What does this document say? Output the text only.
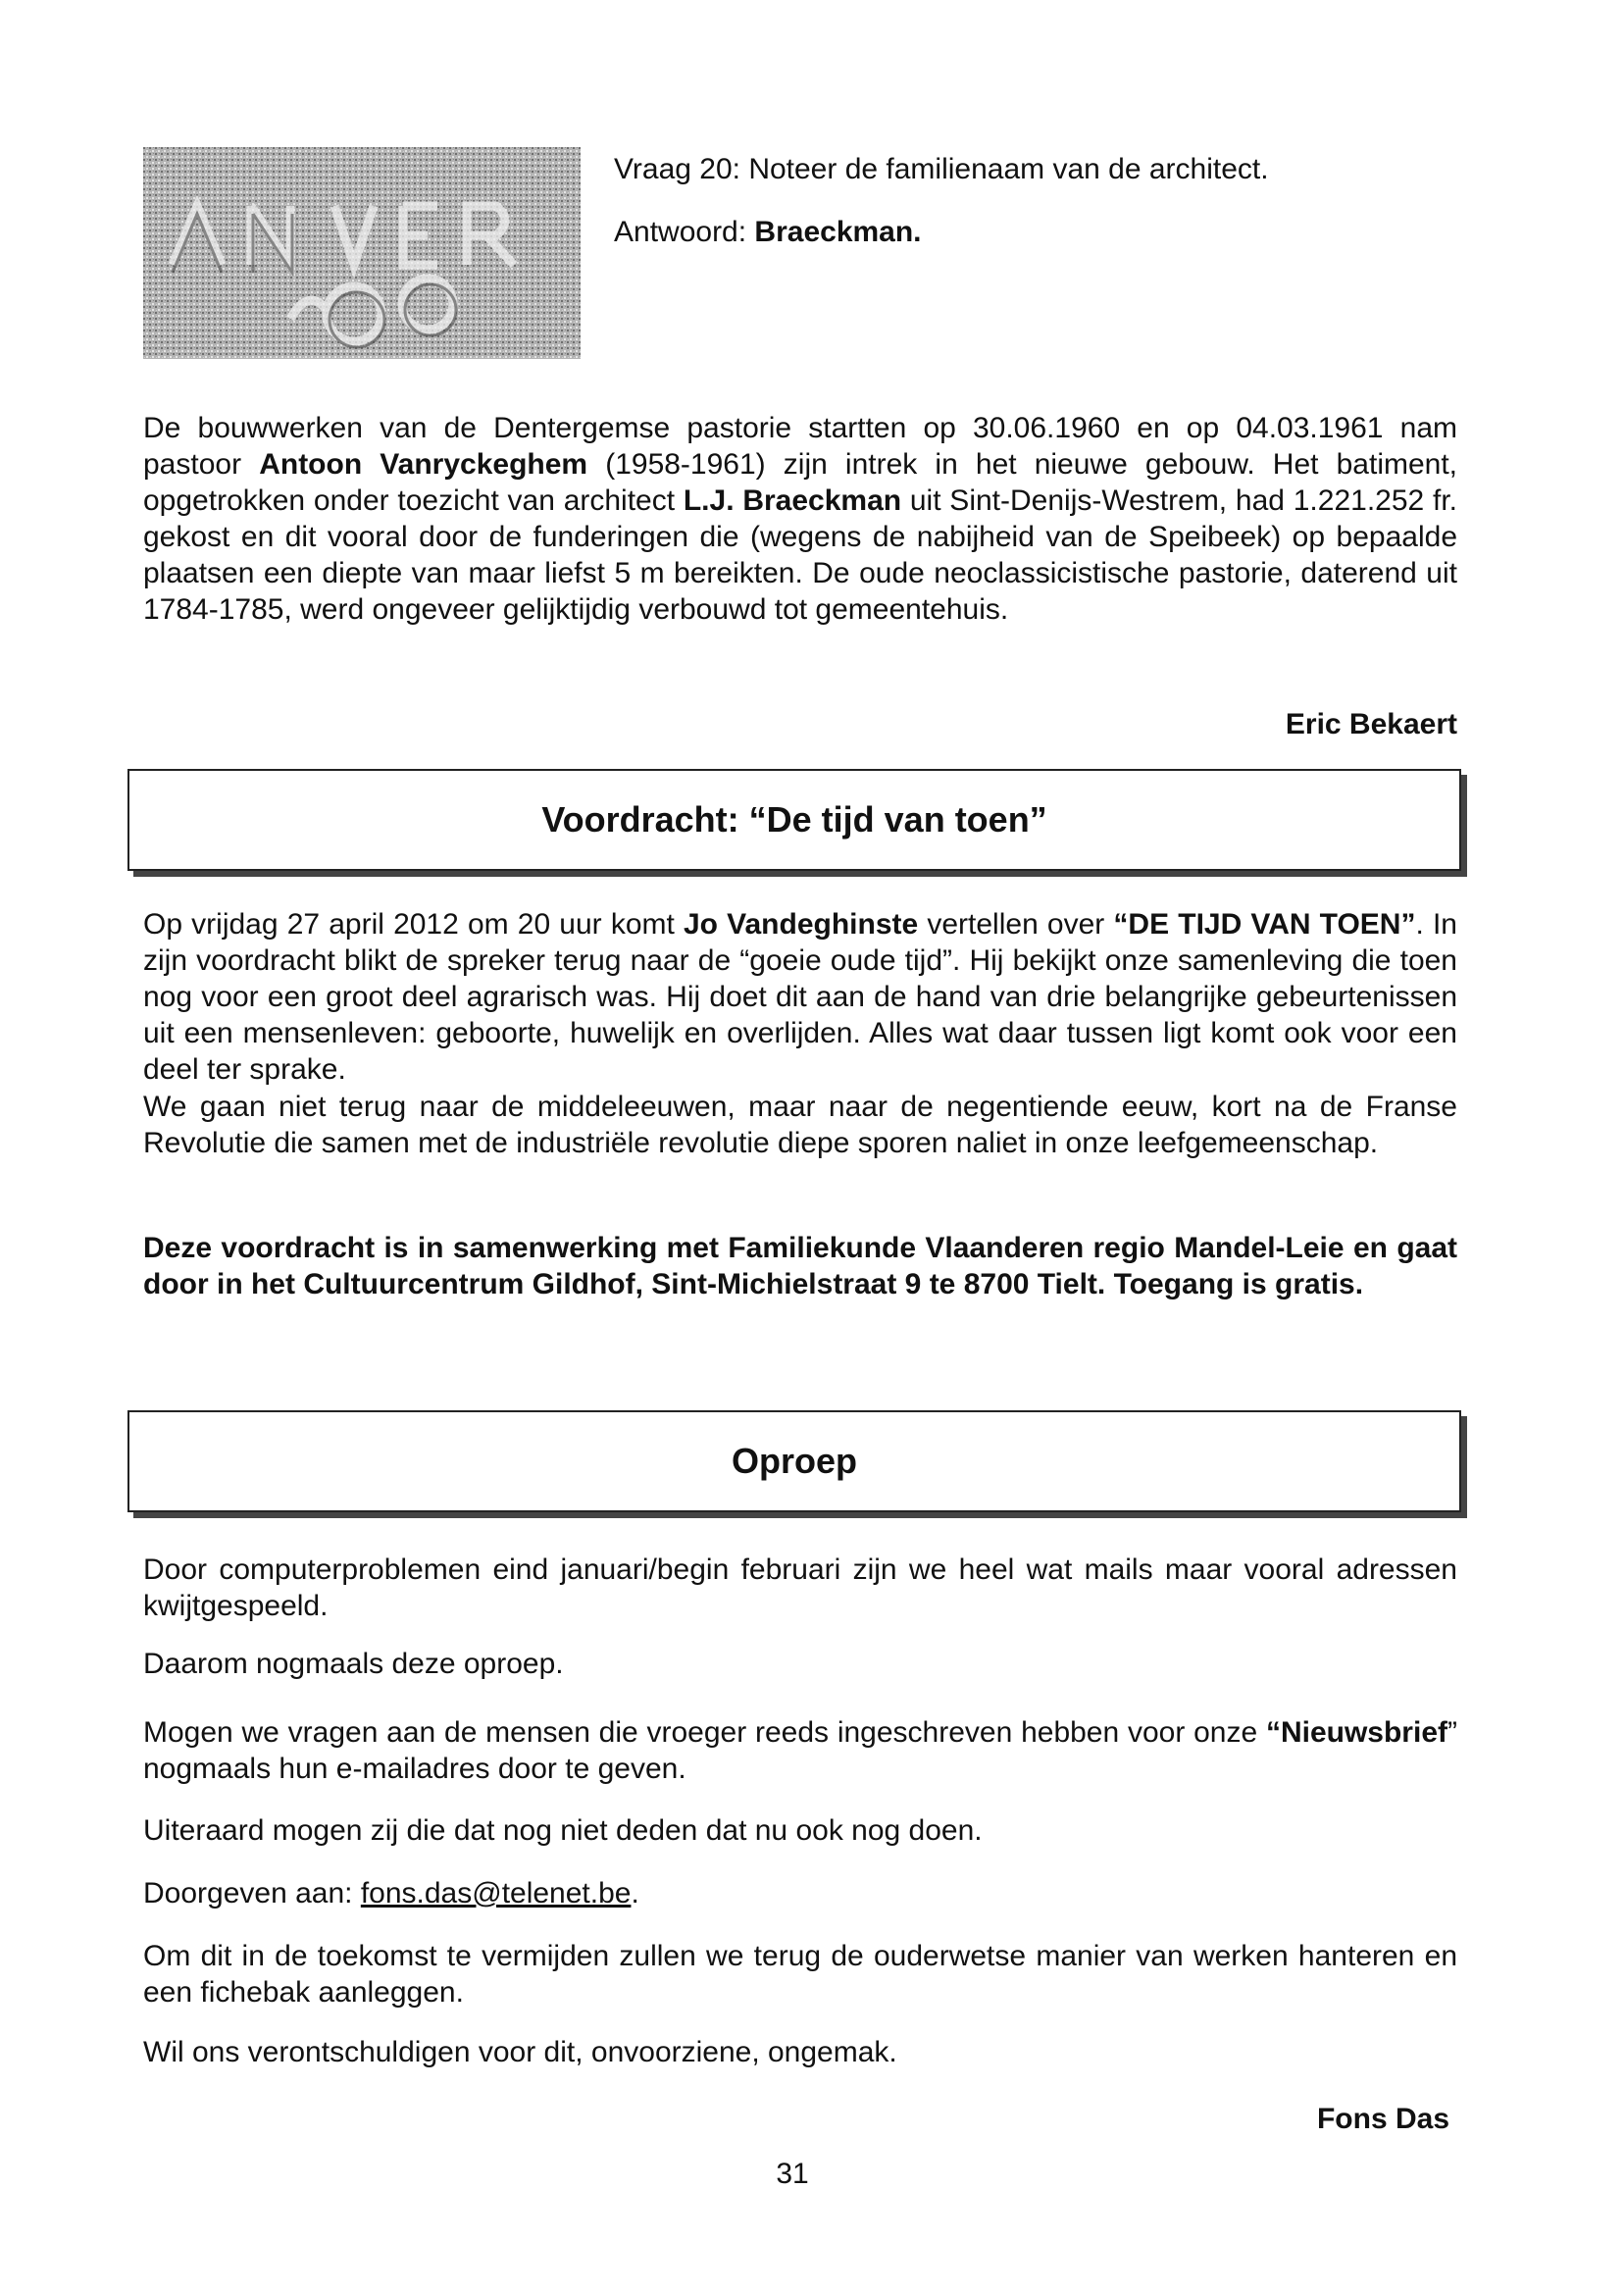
Vraag 20: Noteer de familienaam van de architect.
Antwoord: Braeckman.
De bouwwerken van de Dentergemse pastorie startten op 30.06.1960 en op 04.03.1961 nam pastoor Antoon Vanryckeghem (1958-1961) zijn intrek in het nieuwe gebouw. Het batiment, opgetrokken onder toezicht van architect L.J. Braeckman uit Sint-Denijs-Westrem, had 1.221.252 fr. gekost en dit vooral door de funderingen die (wegens de nabijheid van de Speibeek) op bepaalde plaatsen een diepte van maar liefst 5 m bereikten. De oude neoclassicistische pastorie, daterend uit 1784-1785, werd ongeveer gelijktijdig verbouwd tot gemeentehuis.
Eric Bekaert
Voordracht: “De tijd van toen”
Op vrijdag 27 april 2012 om 20 uur komt Jo Vandeghinste vertellen over “DE TIJD VAN TOEN”. In zijn voordracht blikt de spreker terug naar de “goeie oude tijd”. Hij bekijkt onze samenleving die toen nog voor een groot deel agrarisch was. Hij doet dit aan de hand van drie belangrijke gebeurtenissen uit een mensenleven: geboorte, huwelijk en overlijden. Alles wat daar tussen ligt komt ook voor een deel ter sprake.
We gaan niet terug naar de middeleeuwen, maar naar de negentiende eeuw, kort na de Franse Revolutie die samen met de industriële revolutie diepe sporen naliet in onze leefgemeenschap.
Deze voordracht is in samenwerking met Familiekunde Vlaanderen regio Mandel-Leie en gaat door in het Cultuurcentrum Gildhof, Sint-Michielstraat 9 te 8700 Tielt. Toegang is gratis.
Oproep
Door computerproblemen eind januari/begin februari zijn we heel wat mails maar vooral adressen kwijtgespeeld.
Daarom nogmaals deze oproep.
Mogen we vragen aan de mensen die vroeger reeds ingeschreven hebben voor onze “Nieuwsbrief” nogmaals hun e-mailadres door te geven.
Uiteraard mogen zij die dat nog niet deden dat nu ook nog doen.
Doorgeven aan: fons.das@telenet.be.
Om dit in de toekomst te vermijden zullen we terug de ouderwetse manier van werken hanteren en een fichebak aanleggen.
Wil ons verontschuldigen voor dit, onvoorziene, ongemak.
Fons Das
31
